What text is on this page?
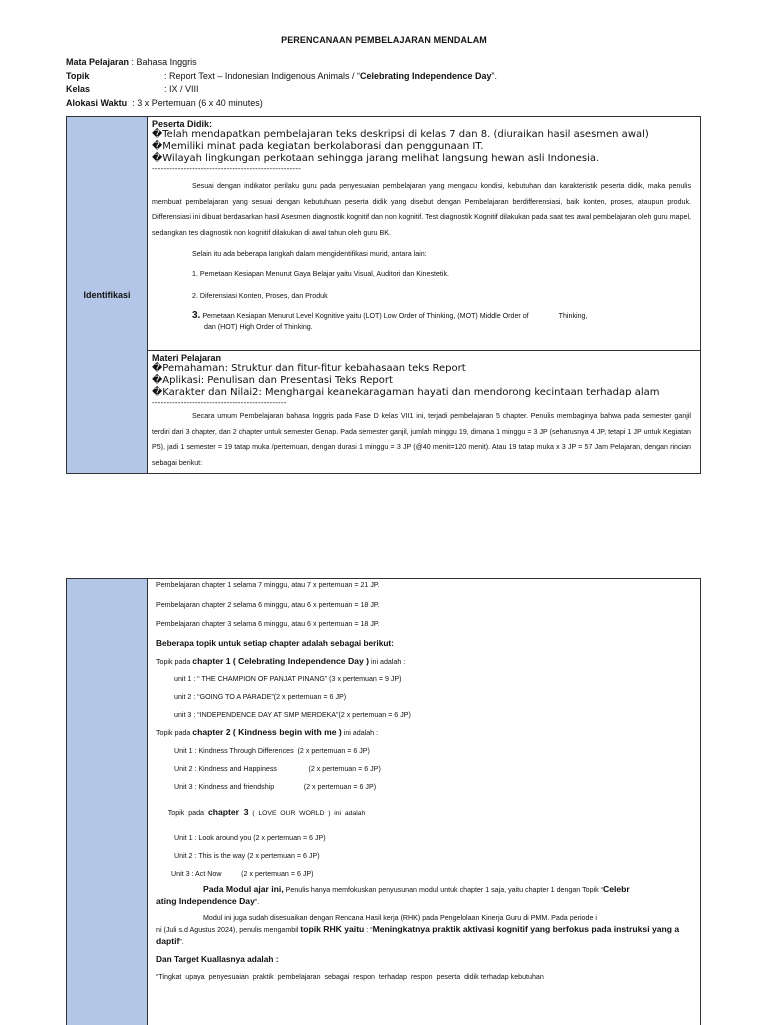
PERENCANAAN PEMBELAJARAN MENDALAM
Mata Pelajaran
: Bahasa Inggris
Topik	: Report Text – Indonesian Indigenous Animals / “Celebrating Independence Day”.
Kelas	: IX / VIII
Alokasi Waktu
: 3 x Pertemuan (6 x 40 minutes)
Identifikasi
Peserta Didik:
�Telah mendapatkan pembelajaran teks deskripsi di kelas 7 dan 8. (diuraikan hasil asesmen awal)
�Memiliki minat pada kegiatan berkolaborasi dan penggunaan IT.
�Wilayah lingkungan perkotaan sehingga jarang melihat langsung hewan asli Indonesia.
----------------------------------------------------
Sesuai dengan indikator perilaku guru pada penyesuaian pembelajaran yang mengacu kondisi, kebutuhan dan karakteristik peserta didik, maka penulis membuat pembelajaran yang sesuai dengan kebutuhuan peserta didik yang disebut dengan Pembelajaran berdifferensiasi, baik konten, proses, ataupun produk. Differensiasi ini dibuat berdasarkan hasil Asesmen diagnostik kognitif dan non kognitif. Test diagnostik Kognitif dilakukan pada saat tes awal pembelajaran oleh guru mapel, sedangkan tes diagnostik non kognitif dilakukan di awal tahun oleh guru BK.
Selain itu ada beberapa langkah dalam mengidentifikasi murid, antara lain:
1. Pemetaan Kesiapan Menurut Gaya Belajar yaitu Visual, Auditori dan Kinestetik.
2. Diferensiasi Konten, Proses, dan Produk
3. Pemetaan Kesiapan Menurut Level Kognitive yaitu (LOT) Low Order of Thinking, (MOT) Middle Order of	Thinking,
dan (HOT) High Order of Thinking.
Materi Pelajaran
�Pemahaman: Struktur dan fitur-fitur kebahasaan teks Report
�Aplikasi: Penulisan dan Presentasi Teks Report
�Karakter dan Nilai2: Menghargai keanekaragaman hayati dan mendorong kecintaan terhadap alam
-----------------------------------------------
Secara umum Pembelajaran bahasa Inggris pada Fase D kelas VII1 ini, terjadi pembelajaran 5 chapter. Penulis membaginya bahwa pada semester ganjil terdiri dari 3 chapter, dan 2 chapter untuk semester Genap. Pada semester ganjil, jumlah minggu 19, dimana 1 minggu = 3 JP (seharusnya 4 JP, tetapi 1 JP untuk Kegiatan P5), jadi 1 semester = 19 tatap muka /pertemuan, dengan durasi 1 minggu = 3 JP (@40 menit=120 menit). Atau 19 tatap muka x 3 JP = 57 Jam Pelajaran, dengan rincian sebagai berikut:
Pembelajaran chapter 1 selama 7 minggu, atau 7 x pertemuan = 21 JP.
Pembelajaran chapter 2 selama 6 minggu, atau 6 x pertemuan = 18 JP.
Pembelajaran chapter 3 selama 6 minggu, atau 6 x pertemuan = 18 JP.
Beberapa topik untuk setiap chapter adalah sebagai berikut:
Topik pada chapter 1 ( Celebrating Independence Day ) ini adalah :
unit 1 : “ THE CHAMPION OF PANJAT PINANG” (3 x pertemuan = 9 JP)
unit 2 : “GOING TO A PARADE”(2 x pertemuan = 6 JP)
unit 3 : “INDEPENDENCE DAY AT SMP MERDEKA”(2 x pertemuan = 6 JP)
Topik pada chapter 2 ( Kindness begin with me ) ini adalah :
Unit 1 : Kindness Through Differences  (2 x pertemuan = 6 JP)
Unit 2 : Kindness and Happiness                (2 x pertemuan = 6 JP)
Unit 3 : Kindness and friendship               (2 x pertemuan = 6 JP)

Topik  pada  chapter  3  (  LOVE  OUR  WORLD  )  ini  adalah

Unit 1 : Look around you (2 x pertemuan = 6 JP)
Unit 2 : This is the way (2 x pertemuan = 6 JP)
Unit 3 : Act Now          (2 x pertemuan = 6 JP)
Pada Modul ajar ini, Penulis hanya memfokuskan penyusunan modul untuk chapter 1 saja, yaitu chapter 1 dengan Topik “Celebr
ating Independence Day”.
Modul ini juga sudah disesuaikan dengan Rencana Hasil kerja (RHK) pada Pengelolaan Kinerja Guru di PMM. Pada periode i
ni (Juli s.d Agustus 2024), penulis mengambil topik RHK yaitu : “Meningkatnya praktik aktivasi kognitif yang berfokus pada instruksi yang a
daptif”.
Dan Target Kuallasnya adalah :
“Tingkat  upaya  penyesuaian  praktik  pembelajaran  sebagai  respon  terhadap  respon  peserta  didik terhadap kebutuhan
